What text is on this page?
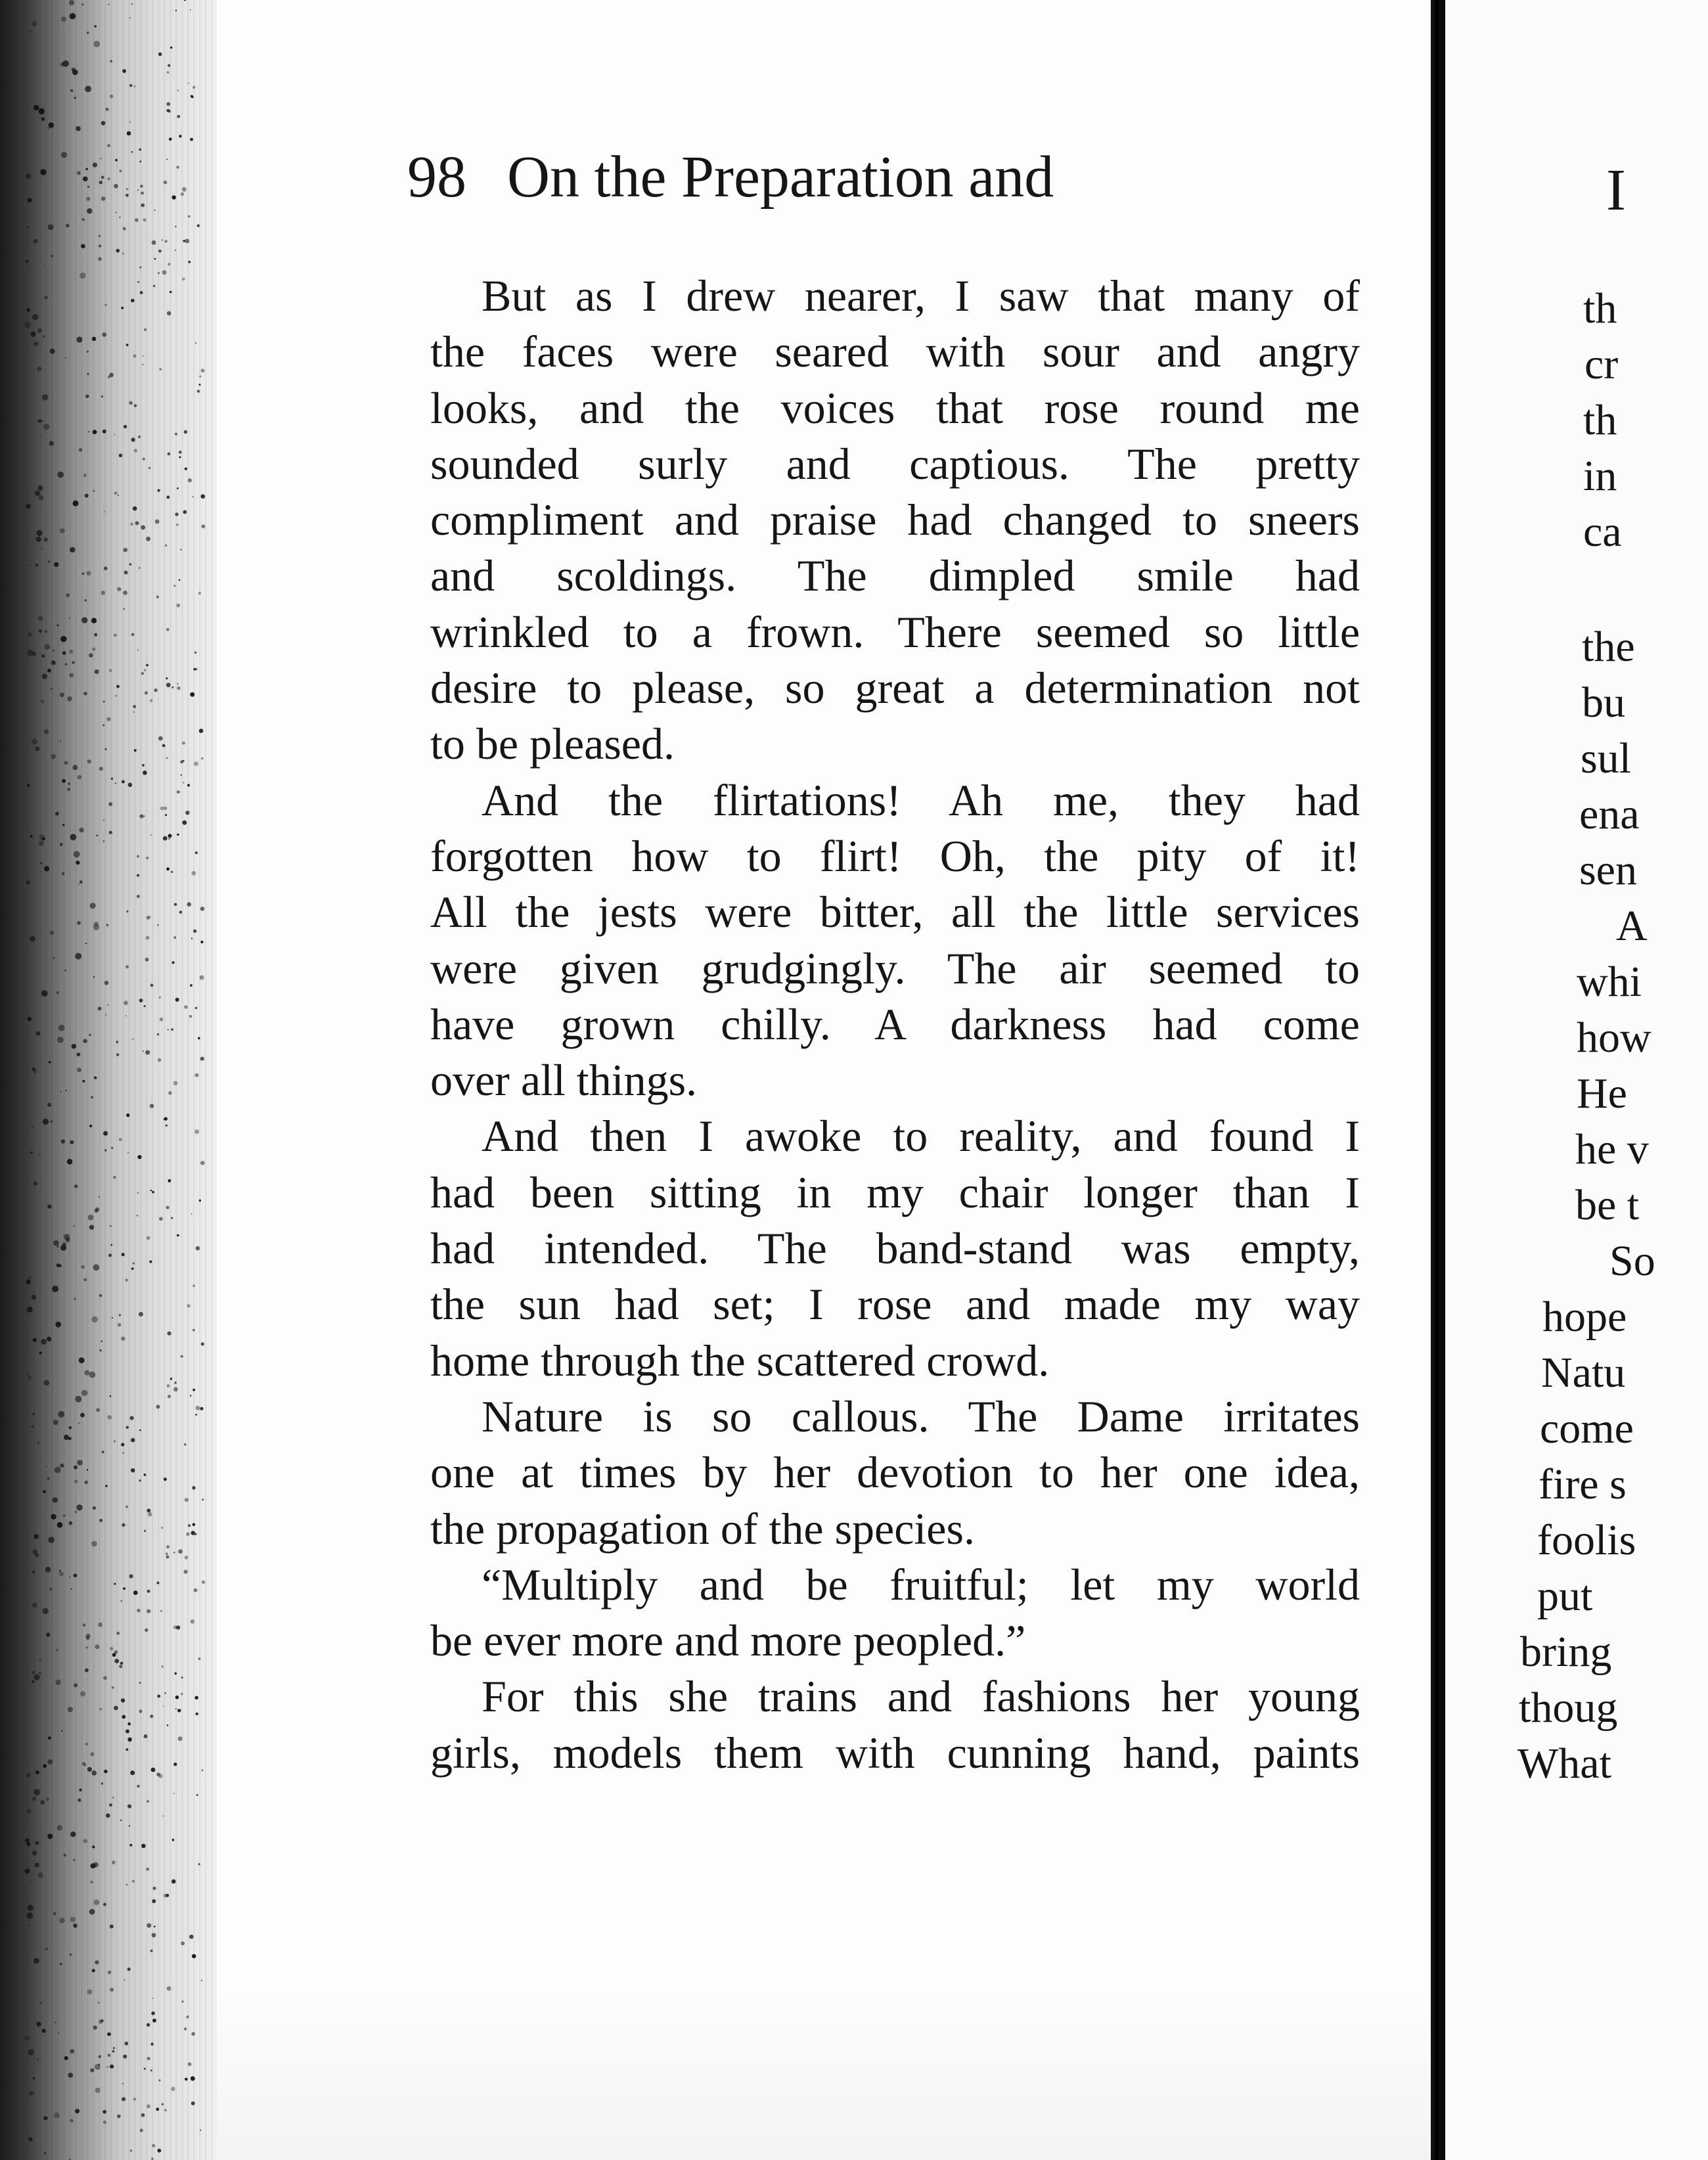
98 On the Preparation and
But as I drew nearer, I saw that many of
the faces were seared with sour and angry
looks, and the voices that rose round me
sounded surly and captious. The pretty
compliment and praise had changed to sneers
and scoldings. The dimpled smile had
wrinkled to a frown. There seemed so little
desire to please, so great a determination not
to be pleased.
And the flirtations! Ah me, they had
forgotten how to flirt! Oh, the pity of it!
All the jests were bitter, all the little services
were given grudgingly. The air seemed to
have grown chilly. A darkness had come
over all things.
And then I awoke to reality, and found I
had been sitting in my chair longer than I
had intended. The band-stand was empty,
the sun had set; I rose and made my way
home through the scattered crowd.
Nature is so callous. The Dame irritates
one at times by her devotion to her one idea,
the propagation of the species.
“Multiply and be fruitful; let my world
be ever more and more peopled.”
For this she trains and fashions her young
girls, models them with cunning hand, paints
I
th
cr
th
in
ca
the
bu
sul
ena
sen
A
whi
how
He
he v
be t
So
hope
Natu
come
fire s
foolis
put
bring
thoug
What
